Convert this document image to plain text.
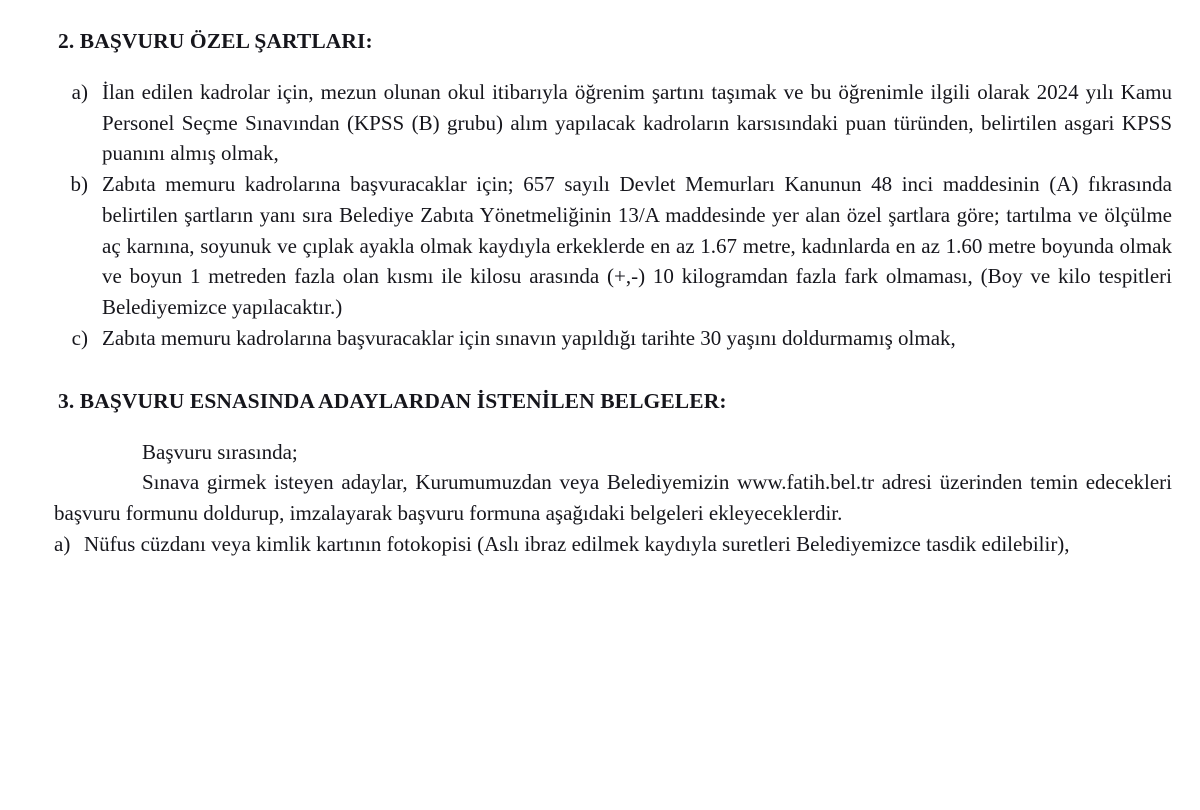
2. BAŞVURU ÖZEL ŞARTLARI:
a) İlan edilen kadrolar için, mezun olunan okul itibarıyla öğrenim şartını taşımak ve bu öğrenimle ilgili olarak 2024 yılı Kamu Personel Seçme Sınavından (KPSS (B) grubu) alım yapılacak kadroların karsısındaki puan türünden, belirtilen asgari KPSS puanını almış olmak,
b) Zabıta memuru kadrolarına başvuracaklar için; 657 sayılı Devlet Memurları Kanunun 48 inci maddesinin (A) fıkrasında belirtilen şartların yanı sıra Belediye Zabıta Yönetmeliğinin 13/A maddesinde yer alan özel şartlara göre; tartılma ve ölçülme aç karnına, soyunuk ve çıplak ayakla olmak kaydıyla erkeklerde en az 1.67 metre, kadınlarda en az 1.60 metre boyunda olmak ve boyun 1 metreden fazla olan kısmı ile kilosu arasında (+,-) 10 kilogramdan fazla fark olmaması, (Boy ve kilo tespitleri Belediyemizce yapılacaktır.)
c) Zabıta memuru kadrolarına başvuracaklar için sınavın yapıldığı tarihte 30 yaşını doldurmamış olmak,
3. BAŞVURU ESNASINDA ADAYLARDAN İSTENİLEN BELGELER:

Başvuru sırasında;

Sınava girmek isteyen adaylar, Kurumumuzdan veya Belediyemizin www.fatih.bel.tr adresi üzerinden temin edecekleri başvuru formunu doldurup, imzalayarak başvuru formuna aşağıdaki belgeleri ekleyeceklerdir.

a) Nüfus cüzdanı veya kimlik kartının fotokopisi (Aslı ibraz edilmek kaydıyla suretleri Belediyemizce tasdik edilebilir),
